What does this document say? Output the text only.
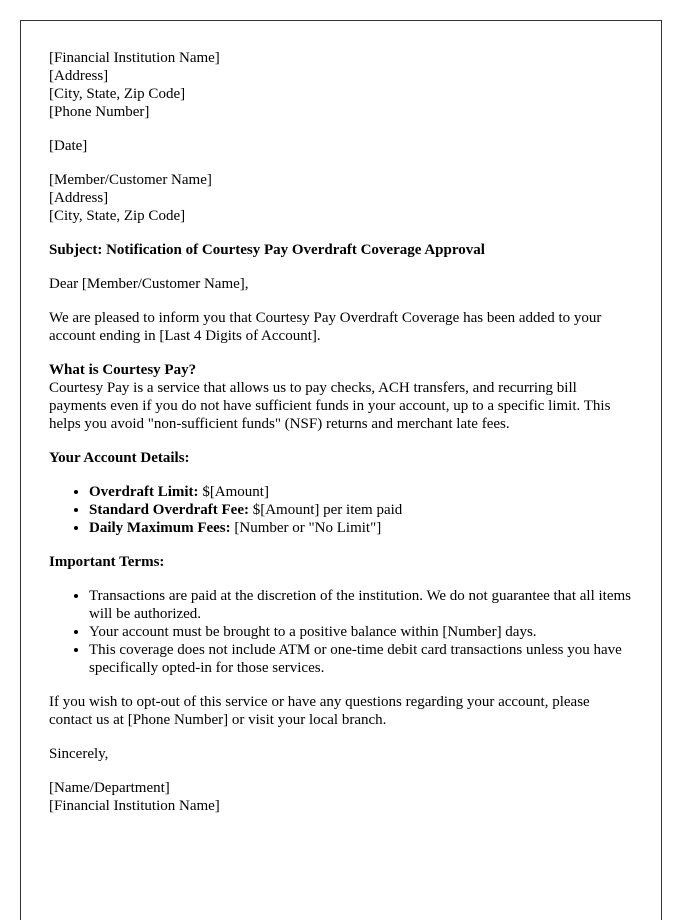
[Financial Institution Name]
[Address]
[City, State, Zip Code]
[Phone Number]

[Date]

[Member/Customer Name]
[Address]
[City, State, Zip Code]

Subject: Notification of Courtesy Pay Overdraft Coverage Approval

Dear [Member/Customer Name],

We are pleased to inform you that Courtesy Pay Overdraft Coverage has been added to your account ending in [Last 4 Digits of Account].

What is Courtesy Pay?
Courtesy Pay is a service that allows us to pay checks, ACH transfers, and recurring bill payments even if you do not have sufficient funds in your account, up to a specific limit. This helps you avoid "non-sufficient funds" (NSF) returns and merchant late fees.

Your Account Details:

• Overdraft Limit: $[Amount]
• Standard Overdraft Fee: $[Amount] per item paid
• Daily Maximum Fees: [Number or "No Limit"]

Important Terms:

• Transactions are paid at the discretion of the institution. We do not guarantee that all items will be authorized.
• Your account must be brought to a positive balance within [Number] days.
• This coverage does not include ATM or one-time debit card transactions unless you have specifically opted-in for those services.

If you wish to opt-out of this service or have any questions regarding your account, please contact us at [Phone Number] or visit your local branch.

Sincerely,

[Name/Department]
[Financial Institution Name]
